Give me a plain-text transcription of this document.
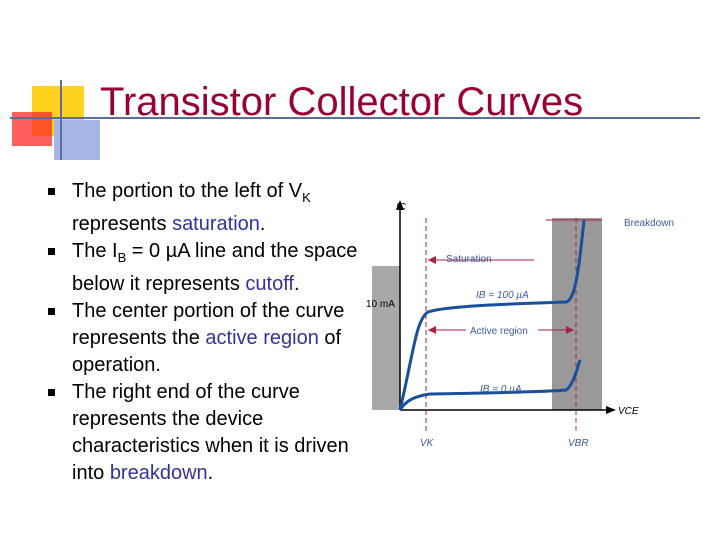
Transistor Collector Curves
The portion to the left of $V_K$ represents saturation.
The $I_B = 0$ µA line and the space below it represents cutoff.
The center portion of the curve represents the active region of operation.
The right end of the curve represents the device characteristics when it is driven into breakdown.
IC
10 mA
Saturation
Breakdown
Active region
IB = 100 µA
IB = 0 µA
VCE
VK	VBR
